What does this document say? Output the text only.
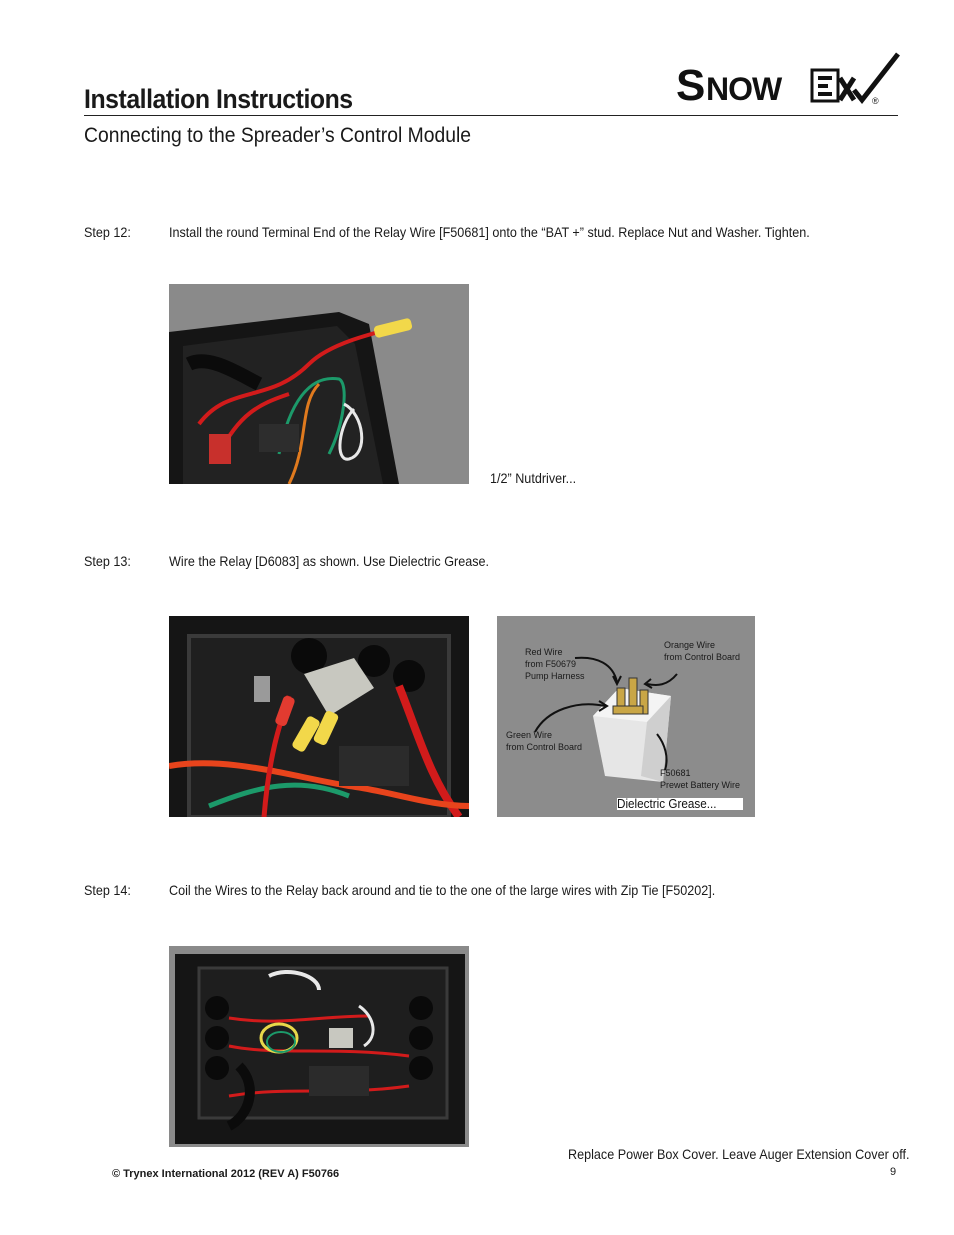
Installation Instructions
Connecting to the Spreader’s Control Module
S NOW	®
Step 12:	Install the round Terminal End of the Relay Wire [F50681] onto the “BAT +” stud. Replace Nut and Washer. Tighten.
1/2” Nutdriver...
Step 13:	Wire the Relay [D6083] as shown. Use Dielectric Grease.
Red Wire
from F50679
Pump Harness
Orange Wire
from Control Board
Green Wire
from Control Board
F50681
Prewet Battery Wire
Dielectric Grease...
Step 14:	Coil the Wires to the Relay back around and tie to the one of the large wires with Zip Tie [F50202].
Replace Power Box Cover. Leave Auger Extension Cover off.
© Trynex International 2012 (REV A) F50766	9
